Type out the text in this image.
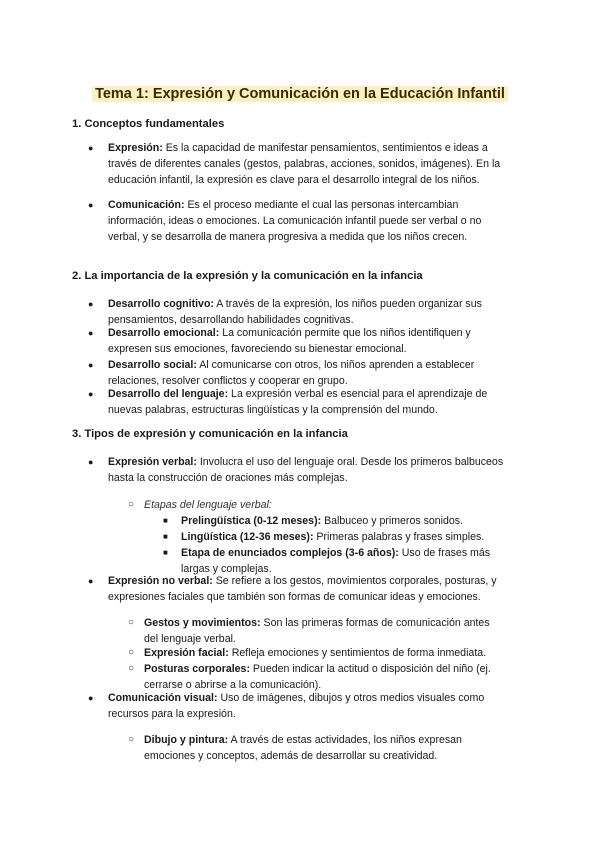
Tema 1: Expresión y Comunicación en la Educación Infantil

1. Conceptos fundamentales

● Expresión: Es la capacidad de manifestar pensamientos, sentimientos e ideas a través de diferentes canales (gestos, palabras, acciones, sonidos, imágenes). En la educación infantil, la expresión es clave para el desarrollo integral de los niños.

● Comunicación: Es el proceso mediante el cual las personas intercambian información, ideas o emociones. La comunicación infantil puede ser verbal o no verbal, y se desarrolla de manera progresiva a medida que los niños crecen.

2. La importancia de la expresión y la comunicación en la infancia

● Desarrollo cognitivo: A través de la expresión, los niños pueden organizar sus pensamientos, desarrollando habilidades cognitivas.

● Desarrollo emocional: La comunicación permite que los niños identifiquen y expresen sus emociones, favoreciendo su bienestar emocional.

● Desarrollo social: Al comunicarse con otros, los niños aprenden a establecer relaciones, resolver conflictos y cooperar en grupo.

● Desarrollo del lenguaje: La expresión verbal es esencial para el aprendizaje de nuevas palabras, estructuras lingüísticas y la comprensión del mundo.

3. Tipos de expresión y comunicación en la infancia

● Expresión verbal: Involucra el uso del lenguaje oral. Desde los primeros balbuceos hasta la construcción de oraciones más complejas.

○ Etapas del lenguaje verbal:

■ Prelingüística (0-12 meses): Balbuceo y primeros sonidos.

■ Lingüística (12-36 meses): Primeras palabras y frases simples.

■ Etapa de enunciados complejos (3-6 años): Uso de frases más largas y complejas.

● Expresión no verbal: Se refiere a los gestos, movimientos corporales, posturas, y expresiones faciales que también son formas de comunicar ideas y emociones.

○ Gestos y movimientos: Son las primeras formas de comunicación antes del lenguaje verbal.

○ Expresión facial: Refleja emociones y sentimientos de forma inmediata.

○ Posturas corporales: Pueden indicar la actitud o disposición del niño (ej. cerrarse o abrirse a la comunicación).

● Comunicación visual: Uso de imágenes, dibujos y otros medios visuales como recursos para la expresión.

○ Dibujo y pintura: A través de estas actividades, los niños expresan emociones y conceptos, además de desarrollar su creatividad.
